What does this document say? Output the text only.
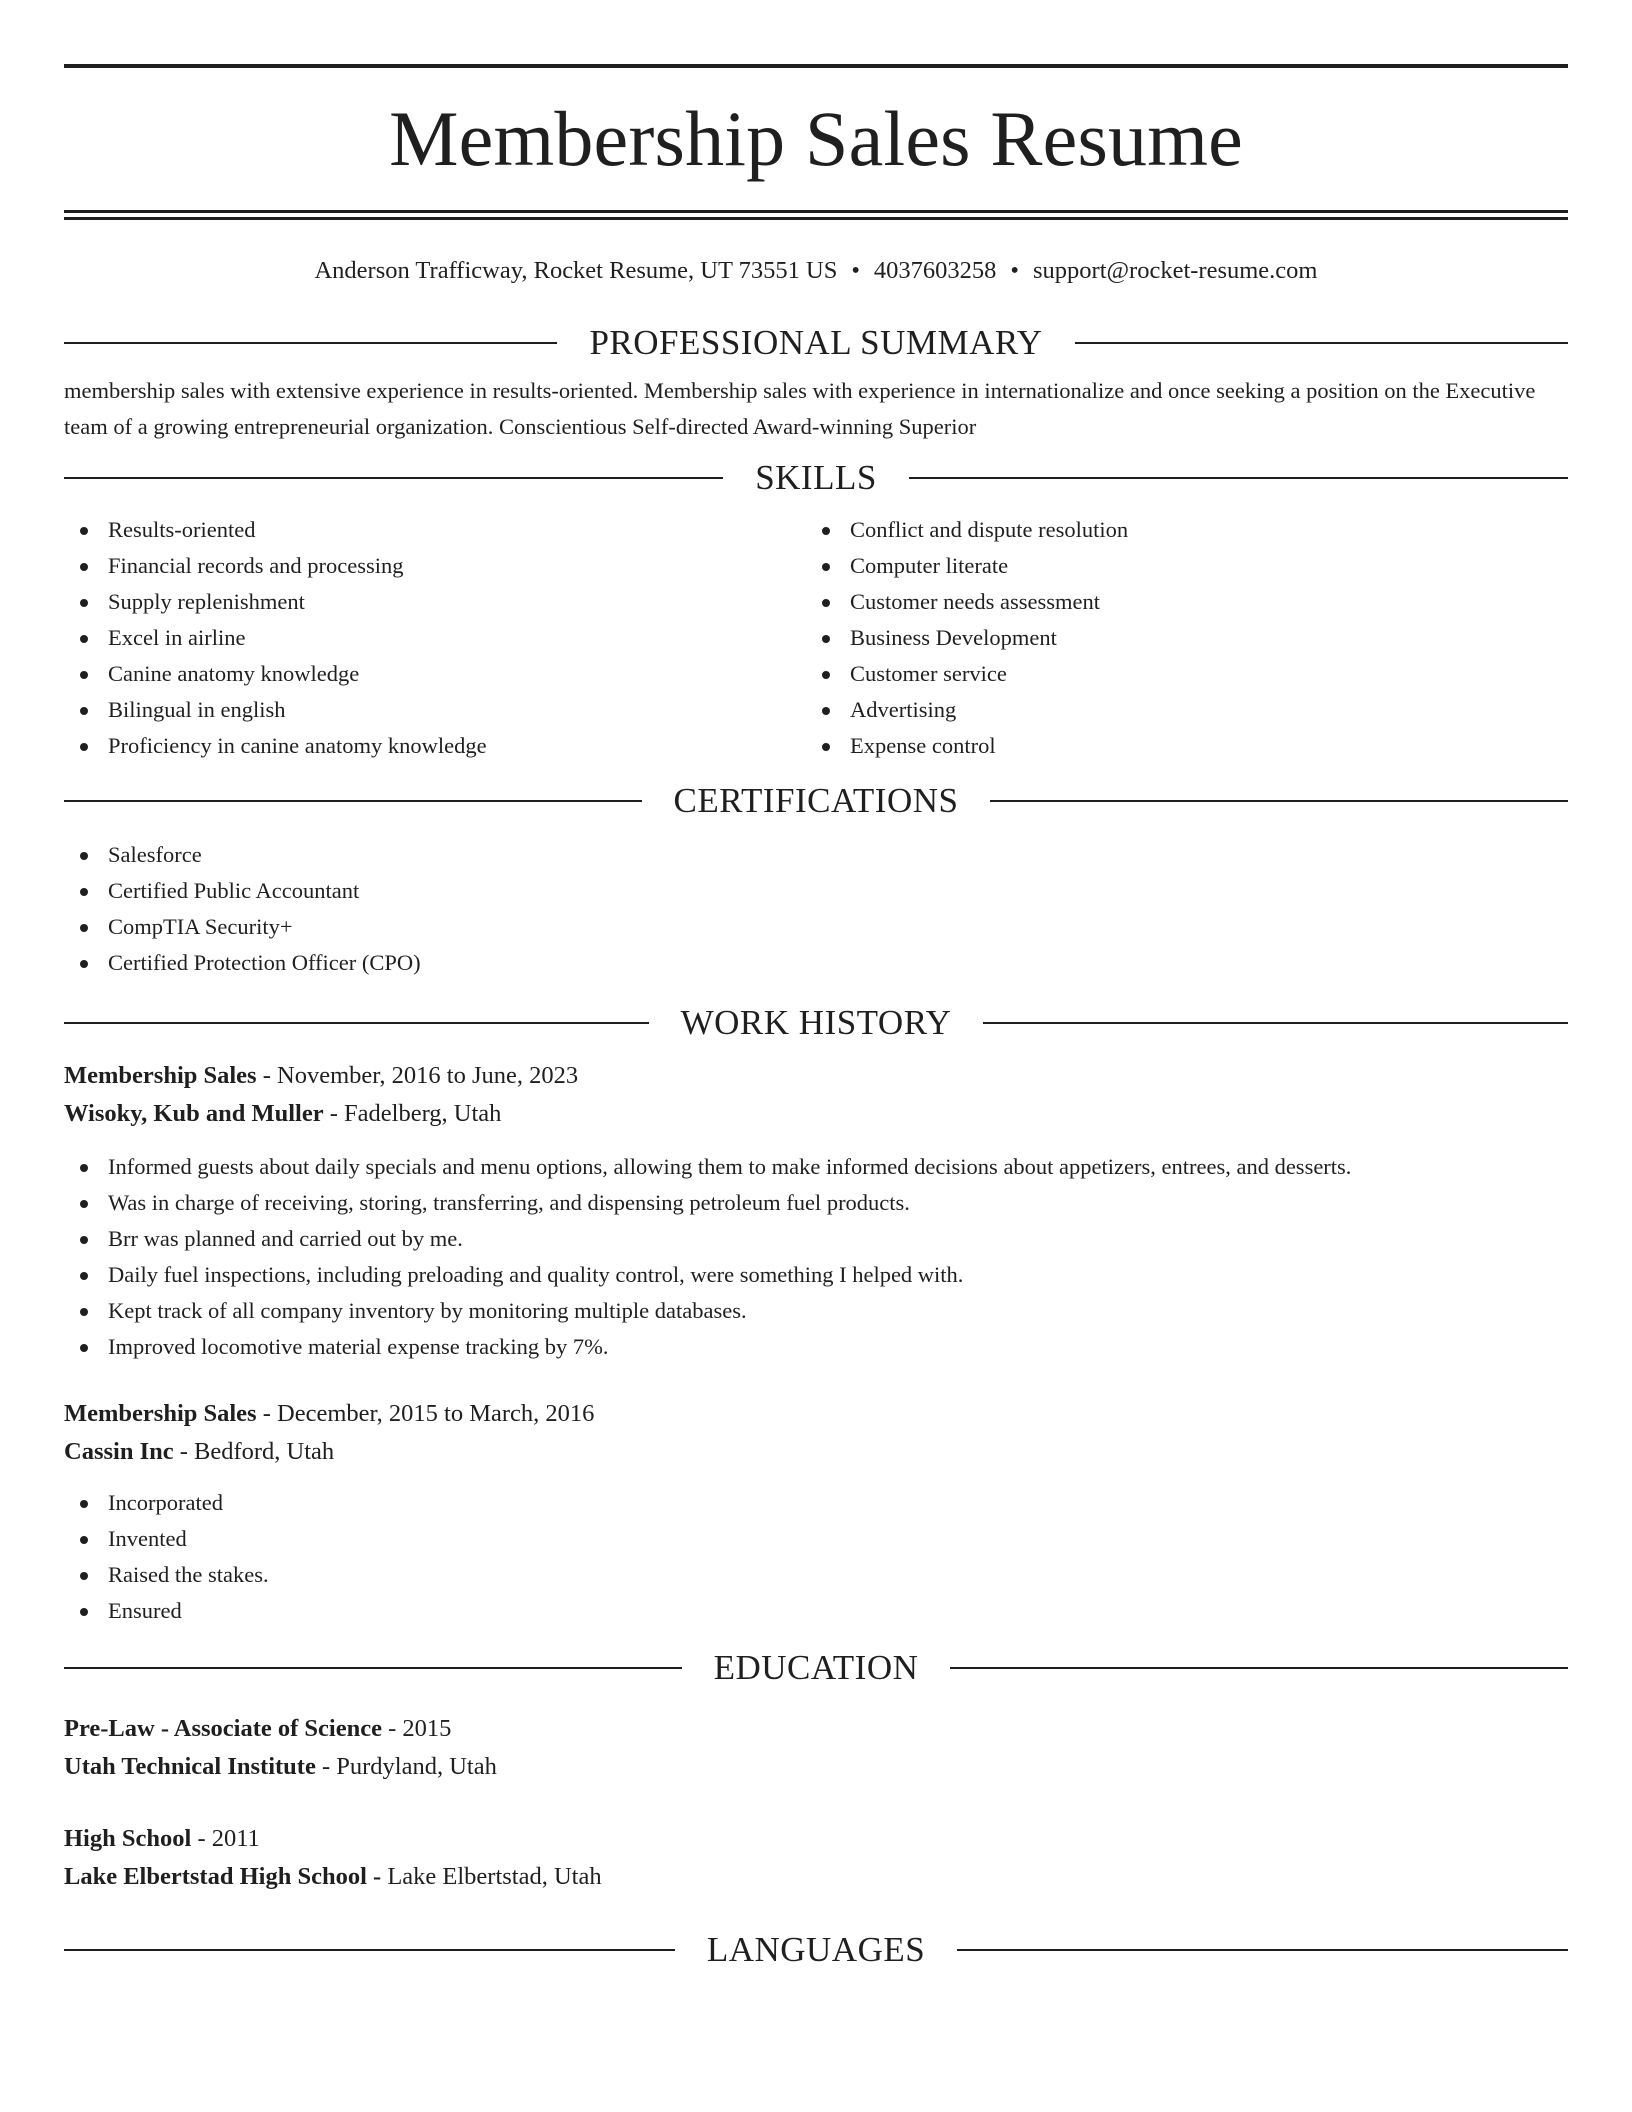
Membership Sales Resume
Anderson Trafficway, Rocket Resume, UT 73551 US • 4037603258 • support@rocket-resume.com
PROFESSIONAL SUMMARY
membership sales with extensive experience in results-oriented. Membership sales with experience in internationalize and once seeking a position on the Executive team of a growing entrepreneurial organization. Conscientious Self-directed Award-winning Superior
SKILLS
Results-oriented
Financial records and processing
Supply replenishment
Excel in airline
Canine anatomy knowledge
Bilingual in english
Proficiency in canine anatomy knowledge
Conflict and dispute resolution
Computer literate
Customer needs assessment
Business Development
Customer service
Advertising
Expense control
CERTIFICATIONS
Salesforce
Certified Public Accountant
CompTIA Security+
Certified Protection Officer (CPO)
WORK HISTORY
Membership Sales - November, 2016 to June, 2023
Wisoky, Kub and Muller - Fadelberg, Utah
Informed guests about daily specials and menu options, allowing them to make informed decisions about appetizers, entrees, and desserts.
Was in charge of receiving, storing, transferring, and dispensing petroleum fuel products.
Brr was planned and carried out by me.
Daily fuel inspections, including preloading and quality control, were something I helped with.
Kept track of all company inventory by monitoring multiple databases.
Improved locomotive material expense tracking by 7%.
Membership Sales - December, 2015 to March, 2016
Cassin Inc - Bedford, Utah
Incorporated
Invented
Raised the stakes.
Ensured
EDUCATION
Pre-Law - Associate of Science - 2015
Utah Technical Institute - Purdyland, Utah
High School - 2011
Lake Elbertstad High School - Lake Elbertstad, Utah
LANGUAGES
